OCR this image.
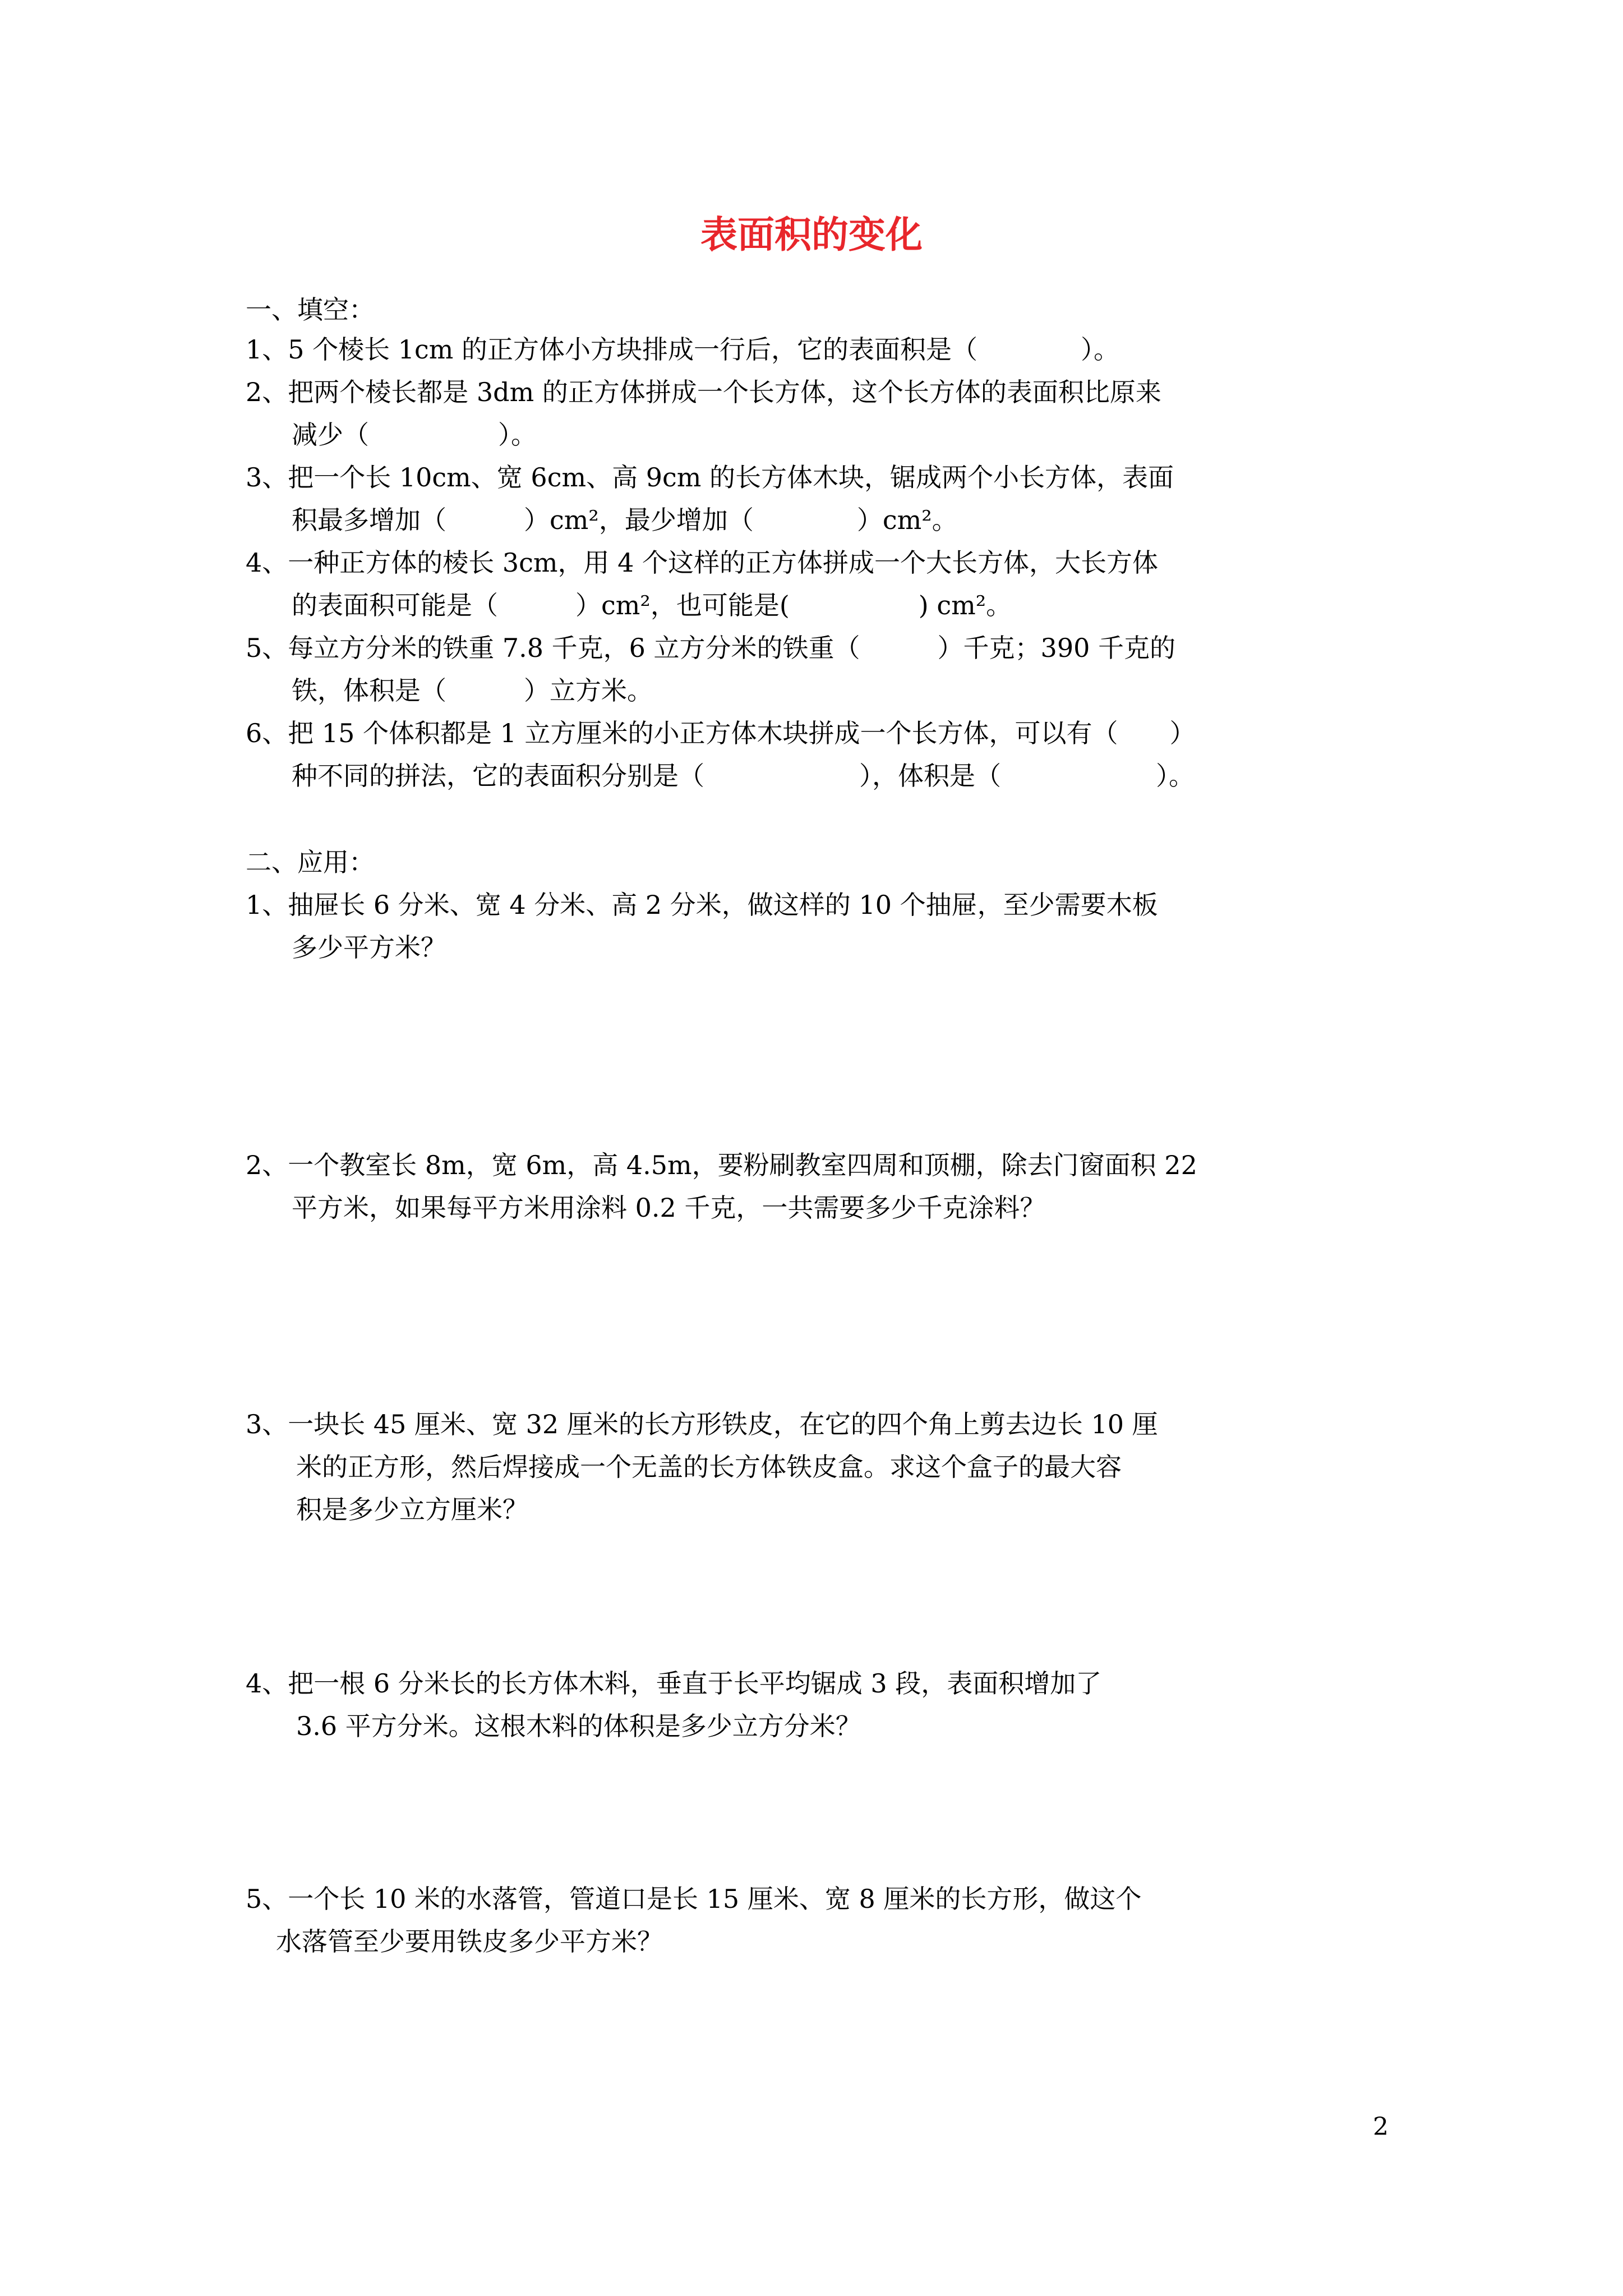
表面积的变化
一、填空：
1、5 个棱长 1cm 的正方体小方块排成一行后，它的表面积是（　　　　）。
2、把两个棱长都是 3dm 的正方体拼成一个长方体，这个长方体的表面积比原来
减少（　　　　　）。
3、把一个长 10cm、宽 6cm、高 9cm 的长方体木块，锯成两个小长方体，表面
积最多增加（　　　）cm²，最少增加（　　　　）cm²。
4、一种正方体的棱长 3cm，用 4 个这样的正方体拼成一个大长方体，大长方体
的表面积可能是（　　　）cm²，也可能是(　　　　　) cm²。
5、每立方分米的铁重 7.8 千克，6 立方分米的铁重（　　　）千克；390 千克的
铁，体积是（　　　）立方米。
6、把 15 个体积都是 1 立方厘米的小正方体木块拼成一个长方体，可以有（　　）
种不同的拼法，它的表面积分别是（　　　　　　），体积是（　　　　　　）。
二、应用：
1、抽屉长 6 分米、宽 4 分米、高 2 分米，做这样的 10 个抽屉，至少需要木板
多少平方米？
2、一个教室长 8m，宽 6m，高 4.5m，要粉刷教室四周和顶棚，除去门窗面积 22
平方米，如果每平方米用涂料 0.2 千克，一共需要多少千克涂料？
3、一块长 45 厘米、宽 32 厘米的长方形铁皮，在它的四个角上剪去边长 10 厘
米的正方形，然后焊接成一个无盖的长方体铁皮盒。求这个盒子的最大容
积是多少立方厘米？
4、把一根 6 分米长的长方体木料，垂直于长平均锯成 3 段，表面积增加了
3.6 平方分米。这根木料的体积是多少立方分米？
5、一个长 10 米的水落管，管道口是长 15 厘米、宽 8 厘米的长方形，做这个
水落管至少要用铁皮多少平方米？
2
